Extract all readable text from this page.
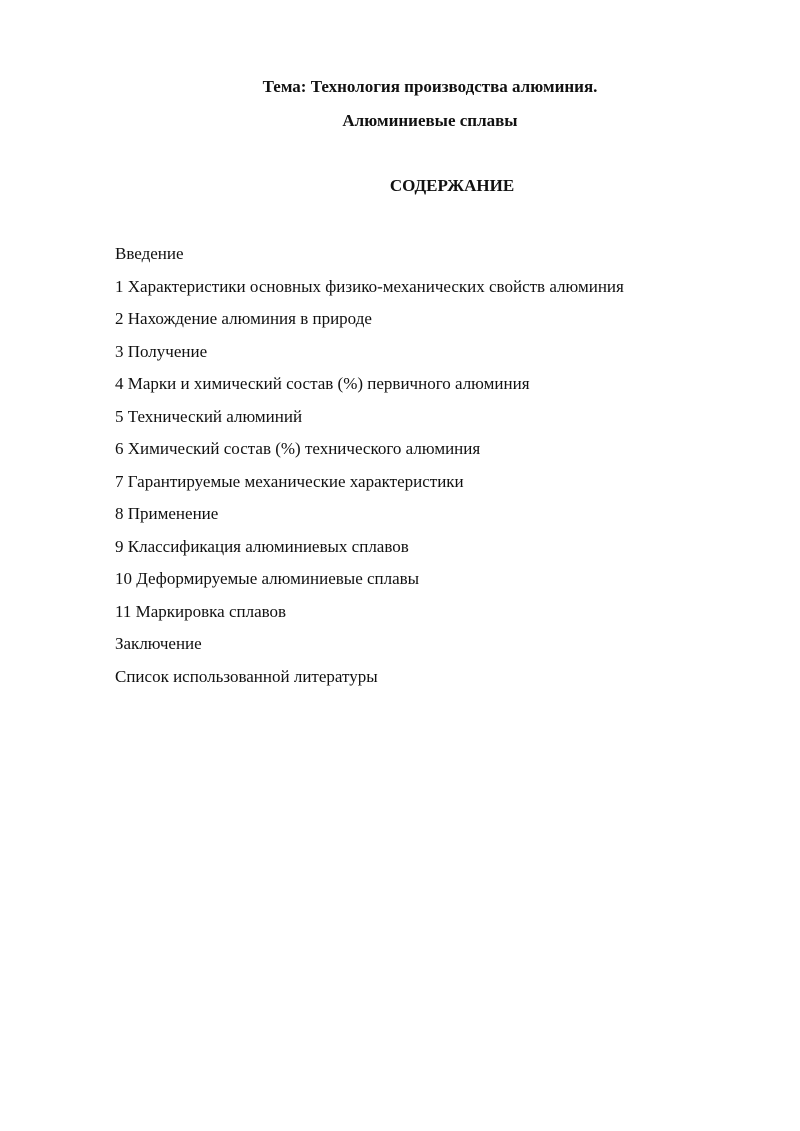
Тема: Технология производства алюминия.
Алюминиевые сплавы
СОДЕРЖАНИЕ
Введение
1 Характеристики основных физико-механических свойств алюминия
2 Нахождение алюминия в природе
3 Получение
4 Марки и химический состав (%) первичного алюминия
5 Технический алюминий
6 Химический состав (%) технического алюминия
7 Гарантируемые механические характеристики
8 Применение
9 Классификация алюминиевых сплавов
10 Деформируемые алюминиевые сплавы
11 Маркировка сплавов
Заключение
Список использованной литературы
